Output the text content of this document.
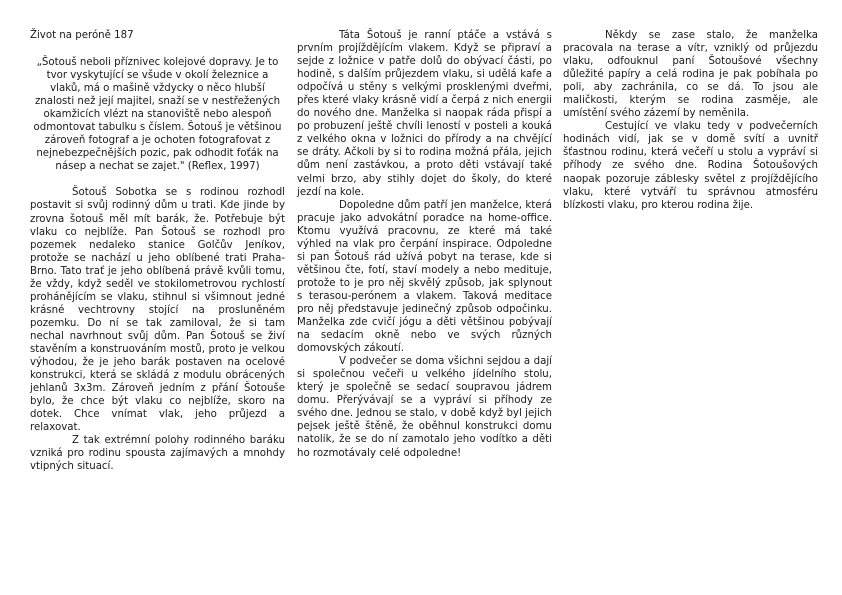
Život na peróně 187

„Šotouš neboli příznivec kolejové dopravy. Je to tvor vyskytující se všude v okolí železnice a vlaků, má o mašině vždycky o něco hlubší znalosti než její majitel, snaží se v nestřežených okamžicích vlézt na stanoviště nebo alespoň odmontovat tabulku s číslem. Šotouš je většinou zároveň fotograf a je ochoten fotografovat z nejnebezpečnějších pozic, pak odhodit foťák na násep a nechat se zajet." (Reflex, 1997)

Šotouš Sobotka se s rodinou rozhodl postavit si svůj rodinný dům u trati. Kde jinde by zrovna šotouš měl mít barák, že. Potřebuje být vlaku co nejblíže. Pan Šotouš se rozhodl pro pozemek nedaleko stanice Golčův Jeníkov, protože se nachází u jeho oblíbené trati Praha-Brno. Tato trať je jeho oblíbená právě kvůli tomu, že vždy, když seděl ve stokilometrovou rychlostí prohánějícím se vlaku, stihnul si všimnout jedné krásné vechtrovny stojící na prosluněném pozemku. Do ní se tak zamiloval, že si tam nechal navrhnout svůj dům. Pan Šotouš se živí stavěním a konstruováním mostů, proto je velkou výhodou, že je jeho barák postaven na ocelové konstrukci, která se skládá z modulu obrácených jehlanů 3x3m. Zároveň jedním z přání Šotouše bylo, že chce být vlaku co nejblíže, skoro na dotek. Chce vnímat vlak, jeho průjezd a relaxovat.

Z tak extrémní polohy rodinného baráku vzniká pro rodinu spousta zajímavých a mnohdy vtipných situací.

Táta Šotouš je ranní ptáče a vstává s prvním projíždějícím vlakem. Když se připraví a sejde z ložnice v patře dolů do obývací části, po hodině, s dalším průjezdem vlaku, si udělá kafe a odpočívá u stěny s velkými prosklenými dveřmi, přes které vlaky krásně vidí a čerpá z nich energii do nového dne. Manželka si naopak ráda přispí a po probuzení ještě chvíli leností v posteli a kouká z velkého okna v ložnici do přírody a na chvějící se dráty. Ačkoli by si to rodina možná přála, jejich dům není zastávkou, a proto děti vstávají také velmi brzo, aby stihly dojet do školy, do které jezdí na kole.

Dopoledne dům patří jen manželce, která pracuje jako advokátní poradce na home-office. Ktomu využívá pracovnu, ze které má také výhled na vlak pro čerpání inspirace. Odpoledne si pan Šotouš rád užívá pobyt na terase, kde si většinou čte, fotí, staví modely a nebo medituje, protože to je pro něj skvělý způsob, jak splynout s terasou-perónem a vlakem. Taková meditace pro něj představuje jedinečný způsob odpočinku. Manželka zde cvičí jógu a děti většinou pobývají na sedacím okně nebo ve svých různých domovských zákoutí.

V podvečer se doma všichni sejdou a dají si společnou večeři u velkého jídelního stolu, který je společně se sedací soupravou jádrem domu. Přerývávají se a vypráví si příhody ze svého dne. Jednou se stalo, v době když byl jejich pejsek ještě štěně, že oběhnul konstrukci domu natolik, že se do ní zamotalo jeho vodítko a děti ho rozmotávaly celé odpoledne!

Někdy se zase stalo, že manželka pracovala na terase a vítr, vzniklý od průjezdu vlaku, odfouknul paní Šotoušové všechny důležité papíry a celá rodina je pak pobíhala po poli, aby zachránila, co se dá. To jsou ale maličkosti, kterým se rodina zasměje, ale umístění svého zázemí by neměnila.

Cestující ve vlaku tedy v podvečerních hodinách vidí, jak se v domě svítí a uvnitř šťastnou rodinu, která večeří u stolu a vypráví si příhody ze svého dne. Rodina Šotoušových naopak pozoruje záblesky světel z projíždějícího vlaku, které vytváří tu správnou atmosféru blízkosti vlaku, pro kterou rodina žije.
